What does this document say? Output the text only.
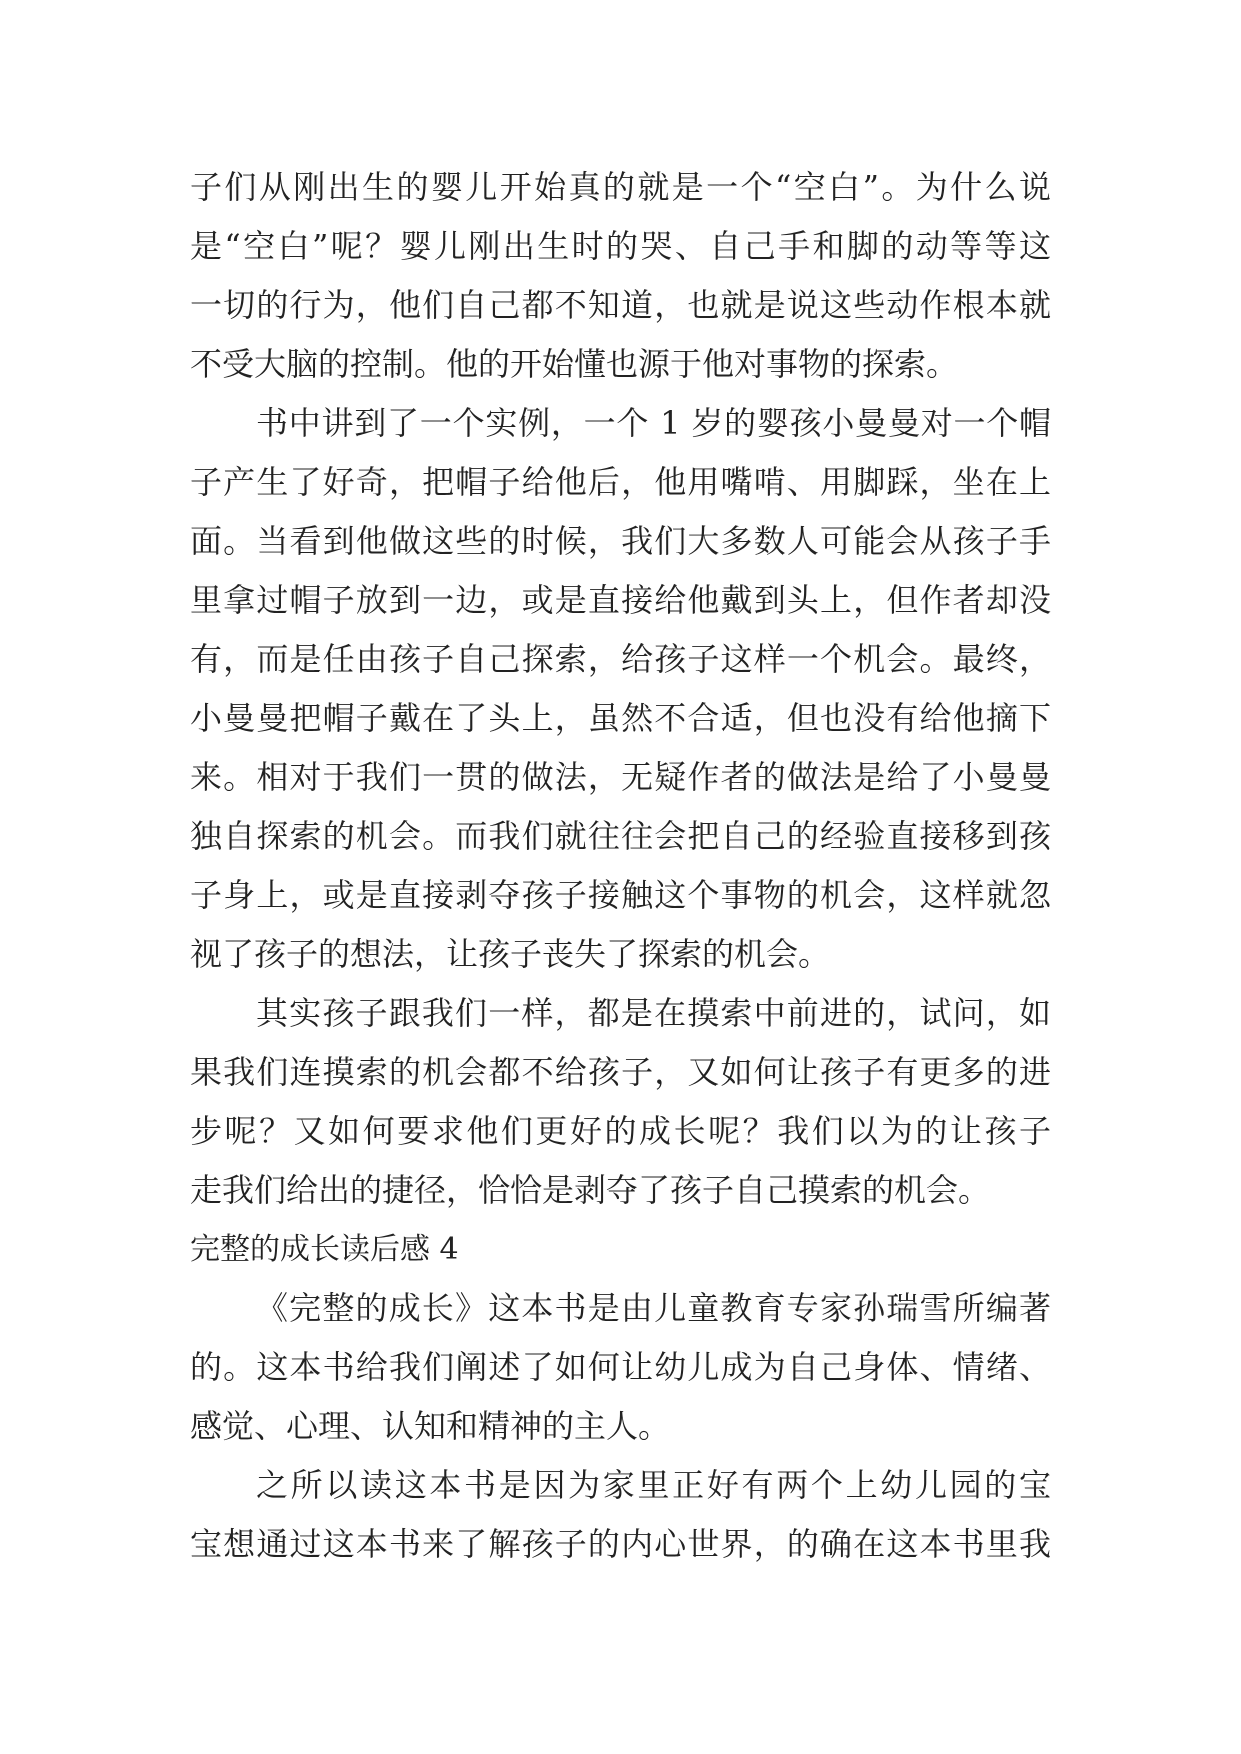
子们从刚出生的婴儿开始真的就是一个“空白”。为什么说
是“空白”呢？婴儿刚出生时的哭、自己手和脚的动等等这
一切的行为，他们自己都不知道，也就是说这些动作根本就
不受大脑的控制。他的开始懂也源于他对事物的探索。
书中讲到了一个实例，一个 1 岁的婴孩小曼曼对一个帽
子产生了好奇，把帽子给他后，他用嘴啃、用脚踩，坐在上
面。当看到他做这些的时候，我们大多数人可能会从孩子手
里拿过帽子放到一边，或是直接给他戴到头上，但作者却没
有，而是任由孩子自己探索，给孩子这样一个机会。最终，
小曼曼把帽子戴在了头上，虽然不合适，但也没有给他摘下
来。相对于我们一贯的做法，无疑作者的做法是给了小曼曼
独自探索的机会。而我们就往往会把自己的经验直接移到孩
子身上，或是直接剥夺孩子接触这个事物的机会，这样就忽
视了孩子的想法，让孩子丧失了探索的机会。
其实孩子跟我们一样，都是在摸索中前进的，试问，如
果我们连摸索的机会都不给孩子，又如何让孩子有更多的进
步呢？又如何要求他们更好的成长呢？我们以为的让孩子
走我们给出的捷径，恰恰是剥夺了孩子自己摸索的机会。
完整的成长读后感 4
《完整的成长》这本书是由儿童教育专家孙瑞雪所编著
的。这本书给我们阐述了如何让幼儿成为自己身体、情绪、
感觉、心理、认知和精神的主人。
之所以读这本书是因为家里正好有两个上幼儿园的宝
宝想通过这本书来了解孩子的内心世界，的确在这本书里我
